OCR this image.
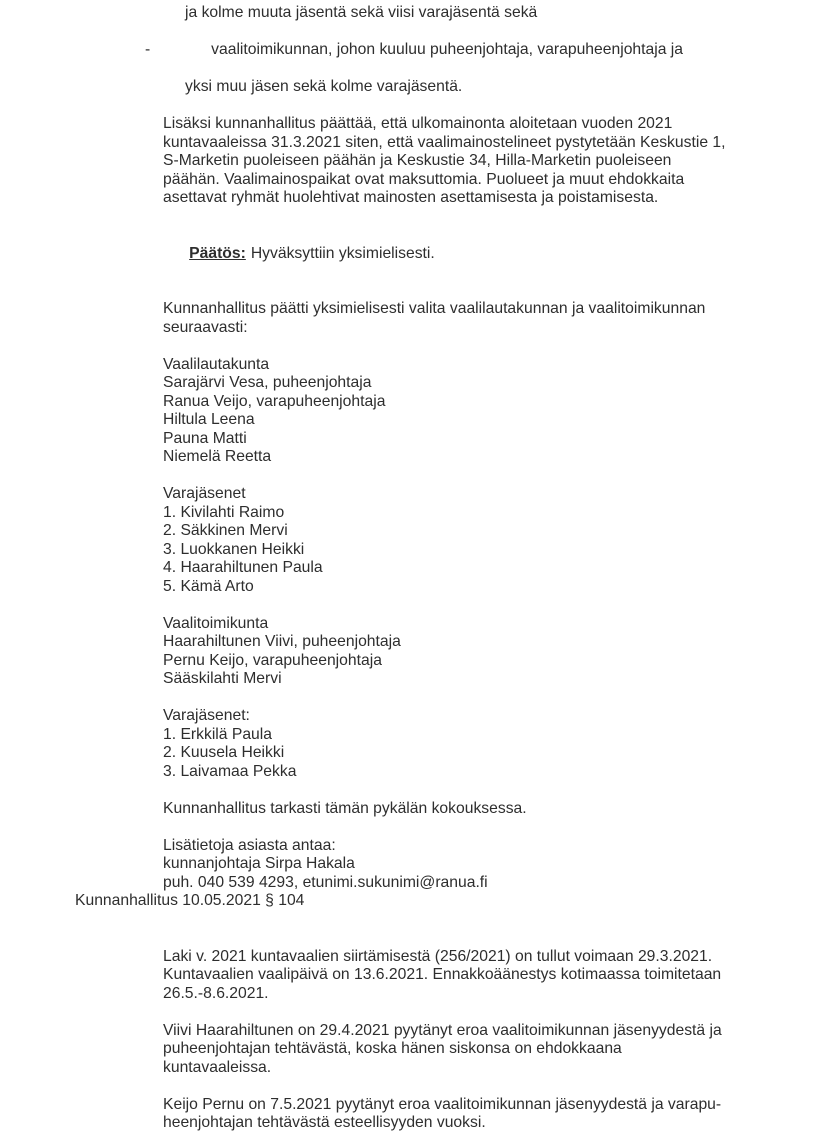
ja kolme muuta jäsentä sekä viisi varajäsentä sekä

-	vaalitoimikunnan, johon kuuluu puheenjohtaja, varapuheenjohtaja ja

yksi muu jäsen sekä kolme varajäsentä.
Lisäksi kunnanhallitus päättää, että ulkomainonta aloitetaan vuoden 2021
kuntavaaleissa 31.3.2021 siten, että vaalimainostelineet pystytetään Keskustie 1,
S-Marketin puoleiseen päähän ja Keskustie 34, Hilla-Marketin puoleiseen
päähän. Vaalimainospaikat ovat maksuttomia. Puolueet ja muut ehdokkaita
asettavat ryhmät huolehtivat mainosten asettamisesta ja poistamisesta.

Päätös: Hyväksyttiin yksimielisesti.

Kunnanhallitus päätti yksimielisesti valita vaalilautakunnan ja vaalitoimikunnan
seuraavasti:
Vaalilautakunta
Sarajärvi Vesa, puheenjohtaja
Ranua Veijo, varapuheenjohtaja
Hiltula Leena
Pauna Matti
Niemelä Reetta
Varajäsenet
1. Kivilahti Raimo
2. Säkkinen Mervi
3. Luokkanen Heikki
4. Haarahiltunen Paula
5. Kämä Arto
Vaalitoimikunta
Haarahiltunen Viivi, puheenjohtaja
Pernu Keijo, varapuheenjohtaja
Sääskilahti Mervi
Varajäsenet:
1. Erkkilä Paula
2. Kuusela Heikki
3. Laivamaa Pekka
Kunnanhallitus tarkasti tämän pykälän kokouksessa.
Lisätietoja asiasta antaa:
kunnanjohtaja Sirpa Hakala
puh. 040 539 4293, etunimi.sukunimi@ranua.fi
Kunnanhallitus 10.05.2021 § 104
Laki v. 2021 kuntavaalien siirtämisestä (256/2021) on tullut voimaan 29.3.2021.
Kuntavaalien vaalipäivä on 13.6.2021. Ennakkoäänestys kotimaassa toimitetaan
26.5.-8.6.2021.
Viivi Haarahiltunen on 29.4.2021 pyytänyt eroa vaalitoimikunnan jäsenyydestä ja
puheenjohtajan tehtävästä, koska hänen siskonsa on ehdokkaana
kuntavaaleissa.
Keijo Pernu on 7.5.2021 pyytänyt eroa vaalitoimikunnan jäsenyydestä ja varapu-
heenjohtajan tehtävästä esteellisyyden vuoksi.
